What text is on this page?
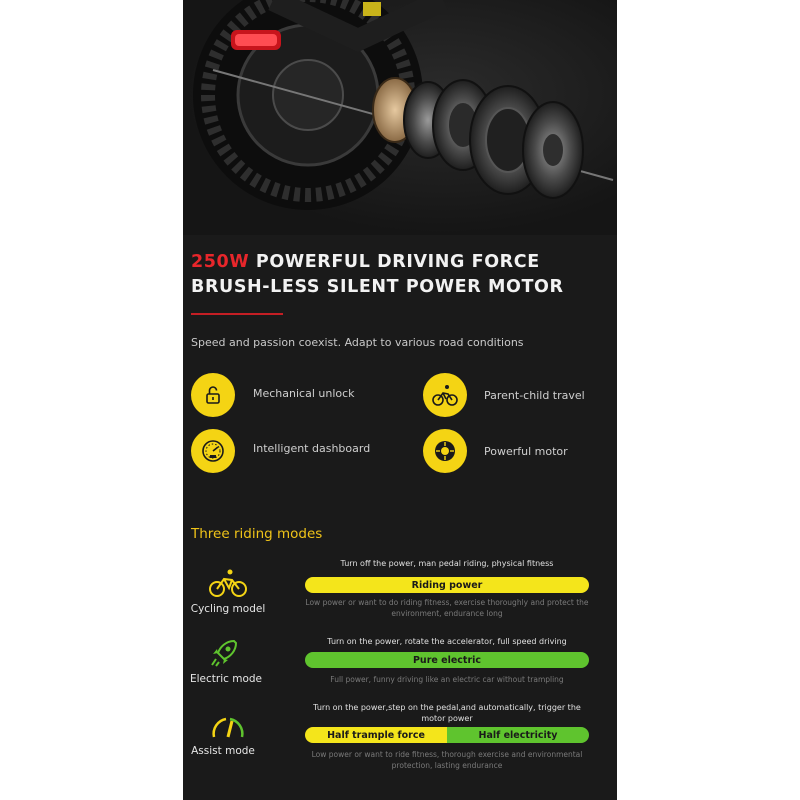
250W POWERFUL DRIVING FORCE BRUSH-LESS SILENT POWER MOTOR
Speed and passion coexist. Adapt to various road conditions
Mechanical unlock	Parent-child travel
Intelligent dashboard	Powerful motor
Three riding modes
Cycling model
Turn off the power, man pedal riding, physical fitness
Riding power
Low power or want to do riding fitness, exercise thoroughly and protect the environment, endurance long
Electric mode
Turn on the power, rotate the accelerator, full speed driving
Pure electric
Full power, funny driving like an electric car without trampling
Assist mode
Turn on the power,step on the pedal,and automatically, trigger the motor power
Half trample force	Half electricity
Low power or want to ride fitness, thorough exercise and environmental protection, lasting endurance
